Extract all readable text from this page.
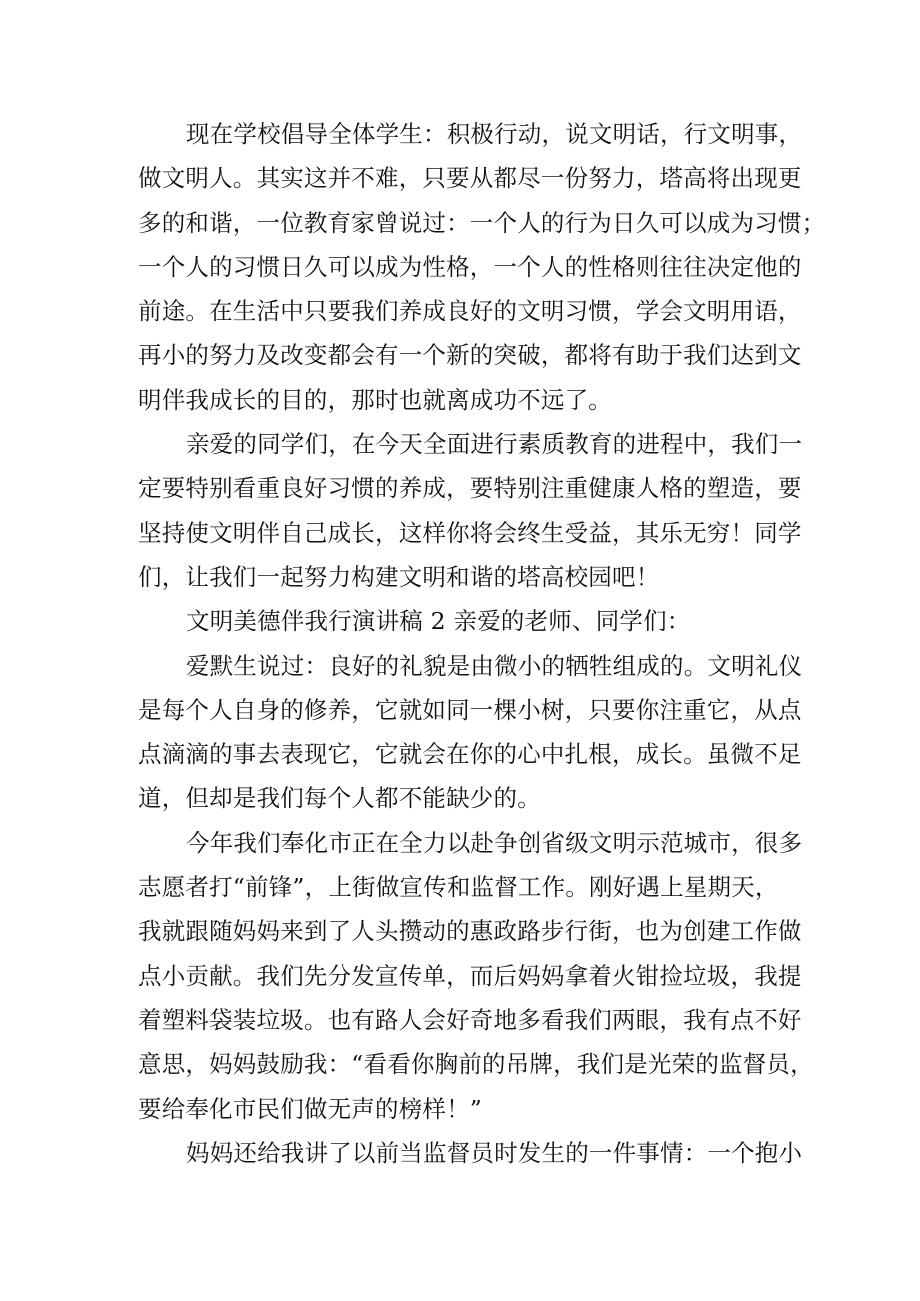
现在学校倡导全体学生：积极行动，说文明话，行文明事，
做文明人。其实这并不难，只要从都尽一份努力，塔高将出现更
多的和谐，一位教育家曾说过：一个人的行为日久可以成为习惯；
一个人的习惯日久可以成为性格，一个人的性格则往往决定他的
前途。在生活中只要我们养成良好的文明习惯，学会文明用语，
再小的努力及改变都会有一个新的突破，都将有助于我们达到文
明伴我成长的目的，那时也就离成功不远了。
亲爱的同学们，在今天全面进行素质教育的进程中，我们一
定要特别看重良好习惯的养成，要特别注重健康人格的塑造，要
坚持使文明伴自己成长，这样你将会终生受益，其乐无穷！同学
们，让我们一起努力构建文明和谐的塔高校园吧！
文明美德伴我行演讲稿 2 亲爱的老师、同学们：
爱默生说过：良好的礼貌是由微小的牺牲组成的。文明礼仪
是每个人自身的修养，它就如同一棵小树，只要你注重它，从点
点滴滴的事去表现它，它就会在你的心中扎根，成长。虽微不足
道，但却是我们每个人都不能缺少的。
今年我们奉化市正在全力以赴争创省级文明示范城市，很多
志愿者打“前锋”，上街做宣传和监督工作。刚好遇上星期天，
我就跟随妈妈来到了人头攒动的惠政路步行街，也为创建工作做
点小贡献。我们先分发宣传单，而后妈妈拿着火钳捡垃圾，我提
着塑料袋装垃圾。也有路人会好奇地多看我们两眼，我有点不好
意思，妈妈鼓励我：“看看你胸前的吊牌，我们是光荣的监督员，
要给奉化市民们做无声的榜样！”
妈妈还给我讲了以前当监督员时发生的一件事情：一个抱小
